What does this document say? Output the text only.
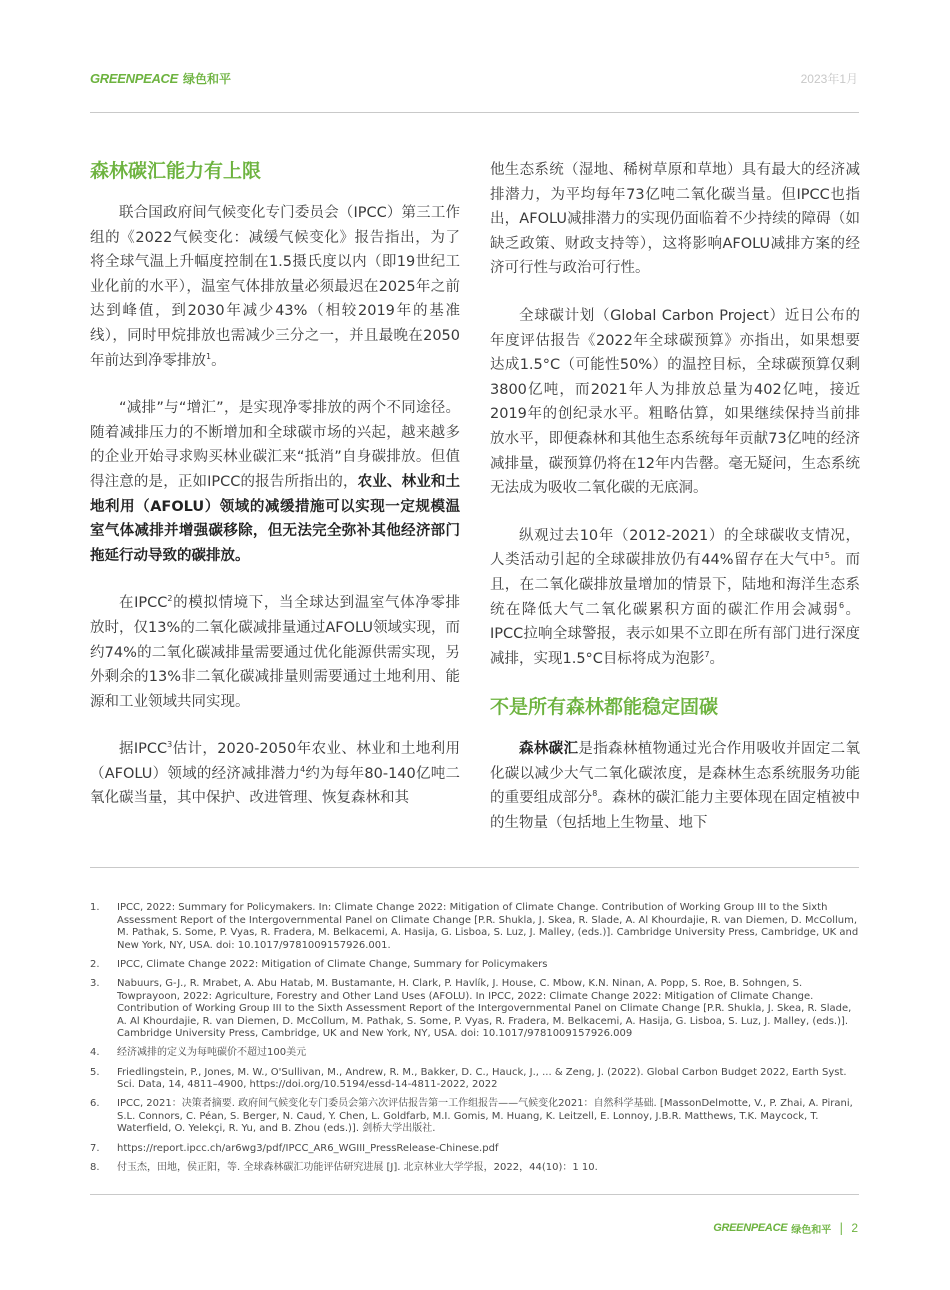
GREENPEACE 绿色和平	2023年1月
森林碳汇能力有上限

联合国政府间气候变化专门委员会（IPCC）第三工作组的《2022气候变化：减缓气候变化》报告指出，为了将全球气温上升幅度控制在1.5摄氏度以内（即19世纪工业化前的水平），温室气体排放量必须最迟在2025年之前达到峰值，到2030年减少43%（相较2019年的基准线），同时甲烷排放也需减少三分之一，并且最晚在2050年前达到净零排放$^1$。

“减排”与“增汇”，是实现净零排放的两个不同途径。随着减排压力的不断增加和全球碳市场的兴起，越来越多的企业开始寻求购买林业碳汇来“抵消”自身碳排放。但值得注意的是，正如IPCC的报告所指出的，农业、林业和土地利用（AFOLU）领域的减缓措施可以实现一定规模温室气体减排并增强碳移除，但无法完全弥补其他经济部门拖延行动导致的碳排放。

在IPCC$^2$的模拟情境下，当全球达到温室气体净零排放时，仅13%的二氧化碳减排量通过AFOLU领域实现，而约74%的二氧化碳减排量需要通过优化能源供需实现，另外剩余的13%非二氧化碳减排量则需要通过土地利用、能源和工业领域共同实现。

据IPCC$^3$估计，2020-2050年农业、林业和土地利用（AFOLU）领域的经济减排潜力$^4$约为每年80-140亿吨二氧化碳当量，其中保护、改进管理、恢复森林和其

他生态系统（湿地、稀树草原和草地）具有最大的经济减排潜力，为平均每年73亿吨二氧化碳当量。但IPCC也指出，AFOLU减排潜力的实现仍面临着不少持续的障碍（如缺乏政策、财政支持等），这将影响AFOLU减排方案的经济可行性与政治可行性。

全球碳计划（Global Carbon Project）近日公布的年度评估报告《2022年全球碳预算》亦指出，如果想要达成1.5°C（可能性50%）的温控目标，全球碳预算仅剩3800亿吨，而2021年人为排放总量为402亿吨，接近2019年的创纪录水平。粗略估算，如果继续保持当前排放水平，即便森林和其他生态系统每年贡献73亿吨的经济减排量，碳预算仍将在12年内告罄。毫无疑问，生态系统无法成为吸收二氧化碳的无底洞。

纵观过去10年（2012-2021）的全球碳收支情况，人类活动引起的全球碳排放仍有44%留存在大气中$^5$。而且，在二氧化碳排放量增加的情景下，陆地和海洋生态系统在降低大气二氧化碳累积方面的碳汇作用会减弱$^6$。IPCC拉响全球警报，表示如果不立即在所有部门进行深度减排，实现1.5°C目标将成为泡影$^7$。

不是所有森林都能稳定固碳

森林碳汇是指森林植物通过光合作用吸收并固定二氧化碳以减少大气二氧化碳浓度，是森林生态系统服务功能的重要组成部分$^8$。森林的碳汇能力主要体现在固定植被中的生物量（包括地上生物量、地下

1.	IPCC, 2022: Summary for Policymakers. In: Climate Change 2022: Mitigation of Climate Change. Contribution of Working Group III to the Sixth Assessment Report of the Intergovernmental Panel on Climate Change [P.R. Shukla, J. Skea, R. Slade, A. Al Khourdajie, R. van Diemen, D. McCollum, M. Pathak, S. Some, P. Vyas, R. Fradera, M. Belkacemi, A. Hasija, G. Lisboa, S. Luz, J. Malley, (eds.)]. Cambridge University Press, Cambridge, UK and New York, NY, USA. doi: 10.1017/9781009157926.001.
2.	IPCC, Climate Change 2022: Mitigation of Climate Change, Summary for Policymakers
3.	Nabuurs, G-J., R. Mrabet, A. Abu Hatab, M. Bustamante, H. Clark, P. Havlík, J. House, C. Mbow, K.N. Ninan, A. Popp, S. Roe, B. Sohngen, S. Towprayoon, 2022: Agriculture, Forestry and Other Land Uses (AFOLU). In IPCC, 2022: Climate Change 2022: Mitigation of Climate Change. Contribution of Working Group III to the Sixth Assessment Report of the Intergovernmental Panel on Climate Change [P.R. Shukla, J. Skea, R. Slade, A. Al Khourdajie, R. van Diemen, D. McCollum, M. Pathak, S. Some, P. Vyas, R. Fradera, M. Belkacemi, A. Hasija, G. Lisboa, S. Luz, J. Malley, (eds.)]. Cambridge University Press, Cambridge, UK and New York, NY, USA. doi: 10.1017/9781009157926.009
4.	经济减排的定义为每吨碳价不超过100美元
5.	Friedlingstein, P., Jones, M. W., O'Sullivan, M., Andrew, R. M., Bakker, D. C., Hauck, J., ... & Zeng, J. (2022). Global Carbon Budget 2022, Earth Syst. Sci. Data, 14, 4811–4900, https://doi.org/10.5194/essd-14-4811-2022, 2022
6.	IPCC, 2021：决策者摘要. 政府间气候变化专门委员会第六次评估报告第一工作组报告——气候变化2021：自然科学基础. [MassonDelmotte, V., P. Zhai, A. Pirani, S.L. Connors, C. Péan, S. Berger, N. Caud, Y. Chen, L. Goldfarb, M.I. Gomis, M. Huang, K. Leitzell, E. Lonnoy, J.B.R. Matthews, T.K. Maycock, T. Waterfield, O. Yelekçi, R. Yu, and B. Zhou (eds.)]. 剑桥大学出版社.
7.	https://report.ipcc.ch/ar6wg3/pdf/IPCC_AR6_WGIII_PressRelease-Chinese.pdf
8.	付玉杰，田地，侯正阳，等. 全球森林碳汇功能评估研究进展 [J]. 北京林业大学学报，2022，44(10)：1 10.
GREENPEACE 绿色和平 | 2
